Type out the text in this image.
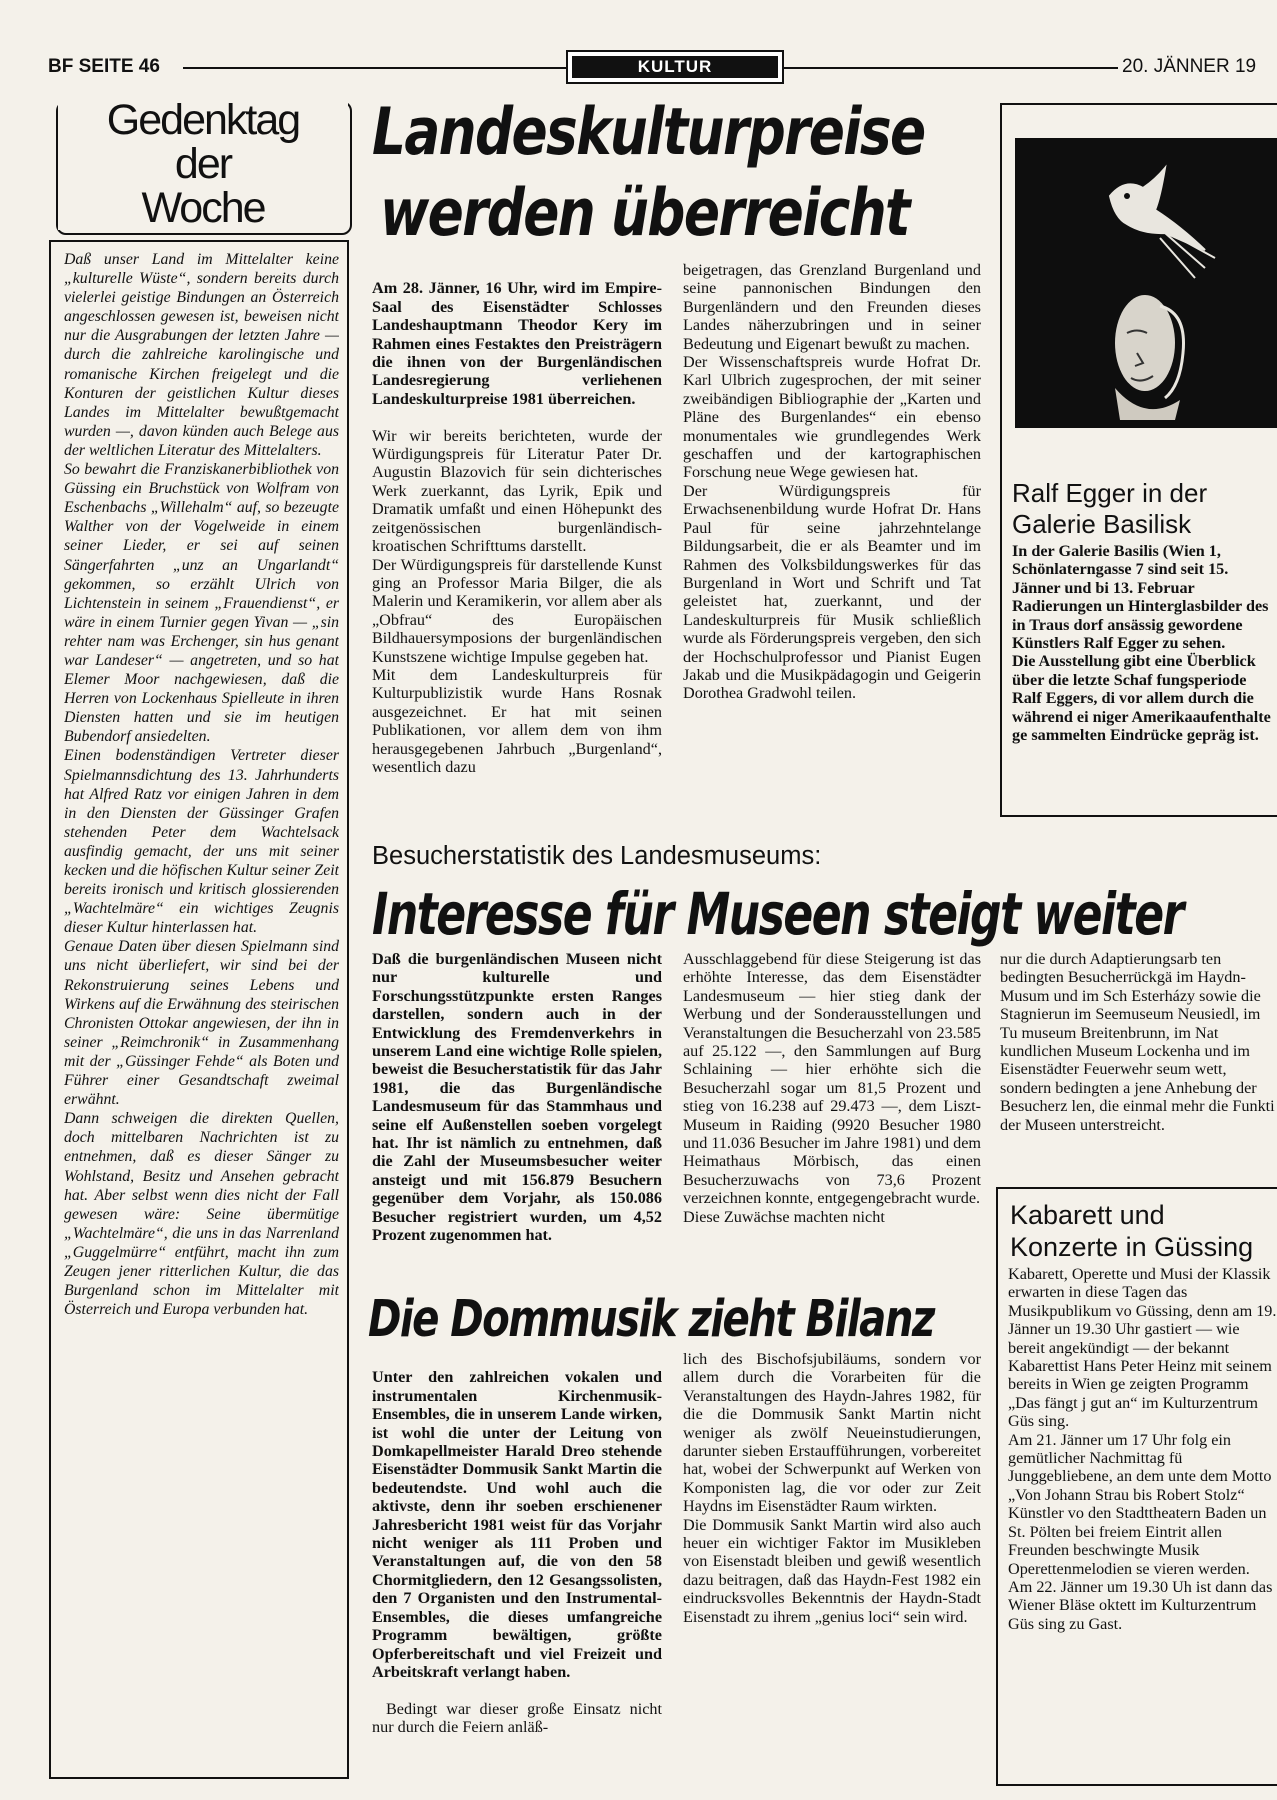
BF SEITE 46	KULTUR	20. JÄNNER 19
Gedenktag
der
Woche
Daß unser Land im Mittelalter keine „kulturelle Wüste“, sondern bereits durch vielerlei geistige Bindungen an Österreich angeschlossen gewesen ist, beweisen nicht nur die Ausgrabungen der letzten Jahre — durch die zahlreiche karolingische und romanische Kirchen freigelegt und die Konturen der geistlichen Kultur dieses Landes im Mittelalter bewußtgemacht wurden —, davon künden auch Belege aus der weltlichen Literatur des Mittelalters.
So bewahrt die Franziskanerbibliothek von Güssing ein Bruchstück von Wolfram von Eschenbachs „Willehalm“ auf, so bezeugte Walther von der Vogelweide in einem seiner Lieder, er sei auf seinen Sängerfahrten „unz an Ungarlandt“ gekommen, so erzählt Ulrich von Lichtenstein in seinem „Frauendienst“, er wäre in einem Turnier gegen Yivan — „sin rehter nam was Erchenger, sin hus genant war Landeser“ — angetreten, und so hat Elemer Moor nachgewiesen, daß die Herren von Lockenhaus Spielleute in ihren Diensten hatten und sie im heutigen Bubendorf ansiedelten.
Einen bodenständigen Vertreter dieser Spielmannsdichtung des 13. Jahrhunderts hat Alfred Ratz vor einigen Jahren in dem in den Diensten der Güssinger Grafen stehenden Peter dem Wachtelsack ausfindig gemacht, der uns mit seiner kecken und die höfischen Kultur seiner Zeit bereits ironisch und kritisch glossierenden „Wachtelmäre“ ein wichtiges Zeugnis dieser Kultur hinterlassen hat.
Genaue Daten über diesen Spielmann sind uns nicht überliefert, wir sind bei der Rekonstruierung seines Lebens und Wirkens auf die Erwähnung des steirischen Chronisten Ottokar angewiesen, der ihn in seiner „Reimchronik“ in Zusammenhang mit der „Güssinger Fehde“ als Boten und Führer einer Gesandtschaft zweimal erwähnt.
Dann schweigen die direkten Quellen, doch mittelbaren Nachrichten ist zu entnehmen, daß es dieser Sänger zu Wohlstand, Besitz und Ansehen gebracht hat. Aber selbst wenn dies nicht der Fall gewesen wäre: Seine übermütige „Wachtelmäre“, die uns in das Narrenland „Guggelmürre“ entführt, macht ihn zum Zeugen jener ritterlichen Kultur, die das Burgenland schon im Mittelalter mit Österreich und Europa verbunden hat.
Landeskulturpreise
werden überreicht

Am 28. Jänner, 16 Uhr, wird im Empire-Saal des Eisenstädter Schlosses Landeshauptmann Theodor Kery im Rahmen eines Festaktes den Preisträgern die ihnen von der Burgenländischen Landesregierung verliehenen Landeskulturpreise 1981 überreichen.

Wir wir bereits berichteten, wurde der Würdigungspreis für Literatur Pater Dr. Augustin Blazovich für sein dichterisches Werk zuerkannt, das Lyrik, Epik und Dramatik umfaßt und einen Höhepunkt des zeitgenössischen burgenländisch-kroatischen Schrifttums darstellt.
Der Würdigungspreis für darstellende Kunst ging an Professor Maria Bilger, die als Malerin und Keramikerin, vor allem aber als „Obfrau“ des Europäischen Bildhauersymposions der burgenländischen Kunstszene wichtige Impulse gegeben hat.
Mit dem Landeskulturpreis für Kulturpublizistik wurde Hans Rosnak ausgezeichnet. Er hat mit seinen Publikationen, vor allem dem von ihm herausgegebenen Jahrbuch „Burgenland“, wesentlich dazu

beigetragen, das Grenzland Burgenland und seine pannonischen Bindungen den Burgenländern und den Freunden dieses Landes näherzubringen und in seiner Bedeutung und Eigenart bewußt zu machen.
Der Wissenschaftspreis wurde Hofrat Dr. Karl Ulbrich zugesprochen, der mit seiner zweibändigen Bibliographie der „Karten und Pläne des Burgenlandes“ ein ebenso monumentales wie grundlegendes Werk geschaffen und der kartographischen Forschung neue Wege gewiesen hat.
Der Würdigungspreis für Erwachsenenbildung wurde Hofrat Dr. Hans Paul für seine jahrzehntelange Bildungsarbeit, die er als Beamter und im Rahmen des Volksbildungswerkes für das Burgenland in Wort und Schrift und Tat geleistet hat, zuerkannt, und der Landeskulturpreis für Musik schließlich wurde als Förderungspreis vergeben, den sich der Hochschulprofessor und Pianist Eugen Jakab und die Musikpädagogin und Geigerin Dorothea Gradwohl teilen.
Ralf Egger in der
Galerie Basilisk
In der Galerie Basilis (Wien 1, Schönlaterngasse 7 sind seit 15. Jänner und bi 13. Februar Radierungen un Hinterglasbilder des in Traus dorf ansässig gewordene Künstlers Ralf Egger zu sehen.
Die Ausstellung gibt eine Überblick über die letzte Schaf fungsperiode Ralf Eggers, di vor allem durch die während ei niger Amerikaaufenthalte ge sammelten Eindrücke gepräg ist.
Besucherstatistik des Landesmuseums:
Interesse für Museen steigt weiter
Daß die burgenländischen Museen nicht nur kulturelle und Forschungsstützpunkte ersten Ranges darstellen, sondern auch in der Entwicklung des Fremdenverkehrs in unserem Land eine wichtige Rolle spielen, beweist die Besucherstatistik für das Jahr 1981, die das Burgenländische Landesmuseum für das Stammhaus und seine elf Außenstellen soeben vorgelegt hat. Ihr ist nämlich zu entnehmen, daß die Zahl der Museumsbesucher weiter ansteigt und mit 156.879 Besuchern gegenüber dem Vorjahr, als 150.086 Besucher registriert wurden, um 4,52 Prozent zugenommen hat.
Ausschlaggebend für diese Steigerung ist das erhöhte Interesse, das dem Eisenstädter Landesmuseum — hier stieg dank der Werbung und der Sonderausstellungen und Veranstaltungen die Besucherzahl von 23.585 auf 25.122 —, den Sammlungen auf Burg Schlaining — hier erhöhte sich die Besucherzahl sogar um 81,5 Prozent und stieg von 16.238 auf 29.473 —, dem Liszt-Museum in Raiding (9920 Besucher 1980 und 11.036 Besucher im Jahre 1981) und dem Heimathaus Mörbisch, das einen Besucherzuwachs von 73,6 Prozent verzeichnen konnte, entgegengebracht wurde.
Diese Zuwächse machten nicht
nur die durch Adaptierungsarb ten bedingten Besucherrückgä im Haydn-Musum und im Sch Esterházy sowie die Stagnierun im Seemuseum Neusiedl, im Tu museum Breitenbrunn, im Nat kundlichen Museum Lockenha und im Eisenstädter Feuerwehr seum wett, sondern bedingten a jene Anhebung der Besucherz len, die einmal mehr die Funkti der Museen unterstreicht.
Die Dommusik zieht Bilanz

Unter den zahlreichen vokalen und instrumentalen Kirchenmusik-Ensembles, die in unserem Lande wirken, ist wohl die unter der Leitung von Domkapellmeister Harald Dreo stehende Eisenstädter Dommusik Sankt Martin die bedeutendste. Und wohl auch die aktivste, denn ihr soeben erschienener Jahresbericht 1981 weist für das Vorjahr nicht weniger als 111 Proben und Veranstaltungen auf, die von den 58 Chormitgliedern, den 12 Gesangssolisten, den 7 Organisten und den Instrumental-Ensembles, die dieses umfangreiche Programm bewältigen, größte Opferbereitschaft und viel Freizeit und Arbeitskraft verlangt haben.

Bedingt war dieser große Einsatz nicht nur durch die Feiern anläß-

lich des Bischofsjubiläums, sondern vor allem durch die Vorarbeiten für die Veranstaltungen des Haydn-Jahres 1982, für die die Dommusik Sankt Martin nicht weniger als zwölf Neueinstudierungen, darunter sieben Erstaufführungen, vorbereitet hat, wobei der Schwerpunkt auf Werken von Komponisten lag, die vor oder zur Zeit Haydns im Eisenstädter Raum wirkten.
Die Dommusik Sankt Martin wird also auch heuer ein wichtiger Faktor im Musikleben von Eisenstadt bleiben und gewiß wesentlich dazu beitragen, daß das Haydn-Fest 1982 ein eindrucksvolles Bekenntnis der Haydn-Stadt Eisenstadt zu ihrem „genius loci“ sein wird.
Kabarett und
Konzerte in Güssing
Kabarett, Operette und Musi der Klassik erwarten in diese Tagen das Musikpublikum vo Güssing, denn am 19. Jänner un 19.30 Uhr gastiert — wie bereit angekündigt — der bekannt Kabarettist Hans Peter Heinz mit seinem bereits in Wien ge zeigten Programm „Das fängt j gut an“ im Kulturzentrum Güs sing.
Am 21. Jänner um 17 Uhr folg ein gemütlicher Nachmittag fü Junggebliebene, an dem unte dem Motto „Von Johann Strau bis Robert Stolz“ Künstler vo den Stadttheatern Baden un St. Pölten bei freiem Eintrit allen Freunden beschwingte Musik Operettenmelodien se vieren werden.
Am 22. Jänner um 19.30 Uh ist dann das Wiener Bläse oktett im Kulturzentrum Güs sing zu Gast.
